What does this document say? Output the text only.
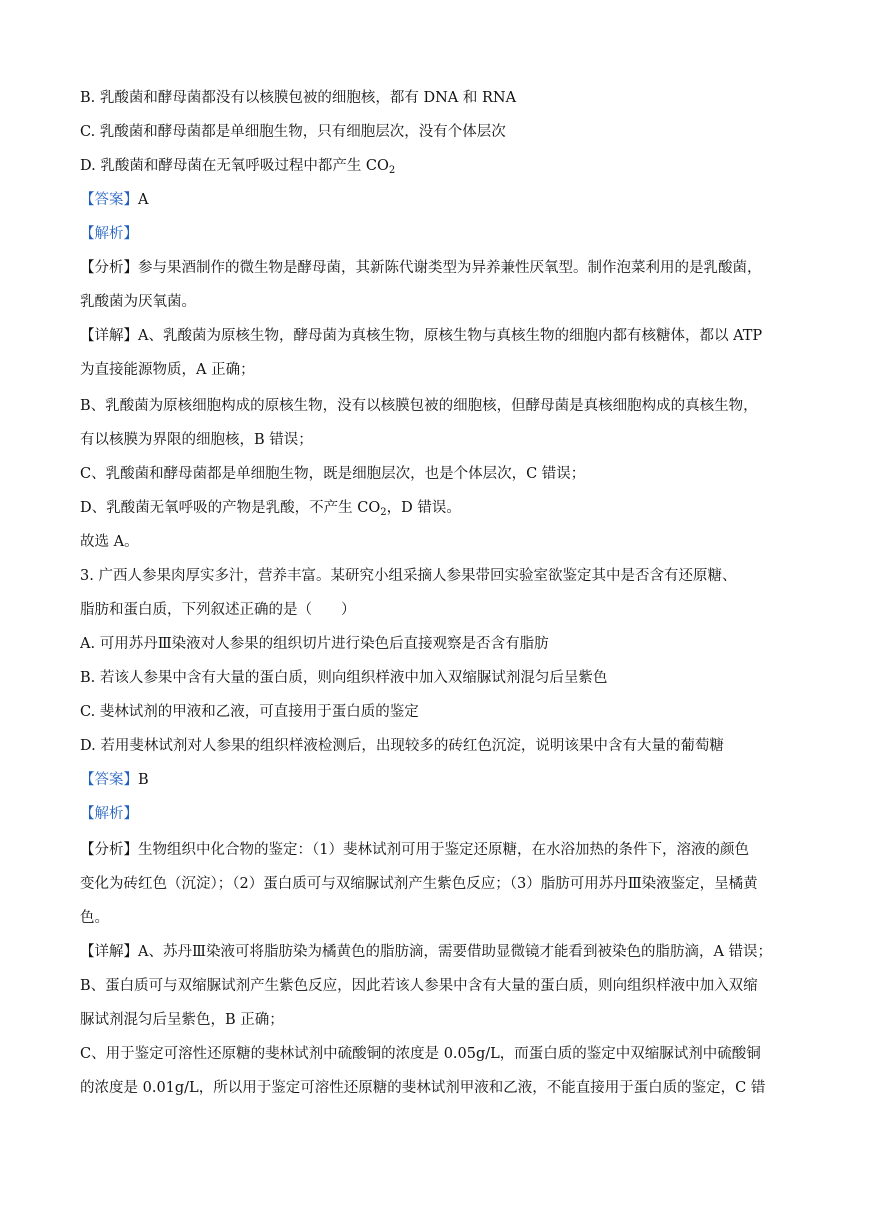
B. 乳酸菌和酵母菌都没有以核膜包被的细胞核，都有 DNA 和 RNA
C. 乳酸菌和酵母菌都是单细胞生物，只有细胞层次，没有个体层次
D. 乳酸菌和酵母菌在无氧呼吸过程中都产生 $CO_2$
【答案】A
【解析】
【分析】参与果酒制作的微生物是酵母菌，其新陈代谢类型为异养兼性厌氧型。制作泡菜利用的是乳酸菌，
乳酸菌为厌氧菌。
【详解】A、乳酸菌为原核生物，酵母菌为真核生物，原核生物与真核生物的细胞内都有核糖体，都以 ATP
为直接能源物质，A 正确；
B、乳酸菌为原核细胞构成的原核生物，没有以核膜包被的细胞核，但酵母菌是真核细胞构成的真核生物，
有以核膜为界限的细胞核，B 错误；
C、乳酸菌和酵母菌都是单细胞生物，既是细胞层次，也是个体层次，C 错误；
D、乳酸菌无氧呼吸的产物是乳酸，不产生 $CO_2$，D 错误。
故选 A。
3. 广西人参果肉厚实多汁，营养丰富。某研究小组采摘人参果带回实验室欲鉴定其中是否含有还原糖、
脂肪和蛋白质，下列叙述正确的是（　　）
A. 可用苏丹Ⅲ染液对人参果的组织切片进行染色后直接观察是否含有脂肪
B. 若该人参果中含有大量的蛋白质，则向组织样液中加入双缩脲试剂混匀后呈紫色
C. 斐林试剂的甲液和乙液，可直接用于蛋白质的鉴定
D. 若用斐林试剂对人参果的组织样液检测后，出现较多的砖红色沉淀，说明该果中含有大量的葡萄糖
【答案】B
【解析】
【分析】生物组织中化合物的鉴定：（1）斐林试剂可用于鉴定还原糖，在水浴加热的条件下，溶液的颜色
变化为砖红色（沉淀）；（2）蛋白质可与双缩脲试剂产生紫色反应；（3）脂肪可用苏丹Ⅲ染液鉴定，呈橘黄
色。
【详解】A、苏丹Ⅲ染液可将脂肪染为橘黄色的脂肪滴，需要借助显微镜才能看到被染色的脂肪滴，A 错误；
B、蛋白质可与双缩脲试剂产生紫色反应，因此若该人参果中含有大量的蛋白质，则向组织样液中加入双缩
脲试剂混匀后呈紫色，B 正确；
C、用于鉴定可溶性还原糖的斐林试剂中硫酸铜的浓度是 0.05g/L，而蛋白质的鉴定中双缩脲试剂中硫酸铜
的浓度是 0.01g/L，所以用于鉴定可溶性还原糖的斐林试剂甲液和乙液，不能直接用于蛋白质的鉴定，C 错
